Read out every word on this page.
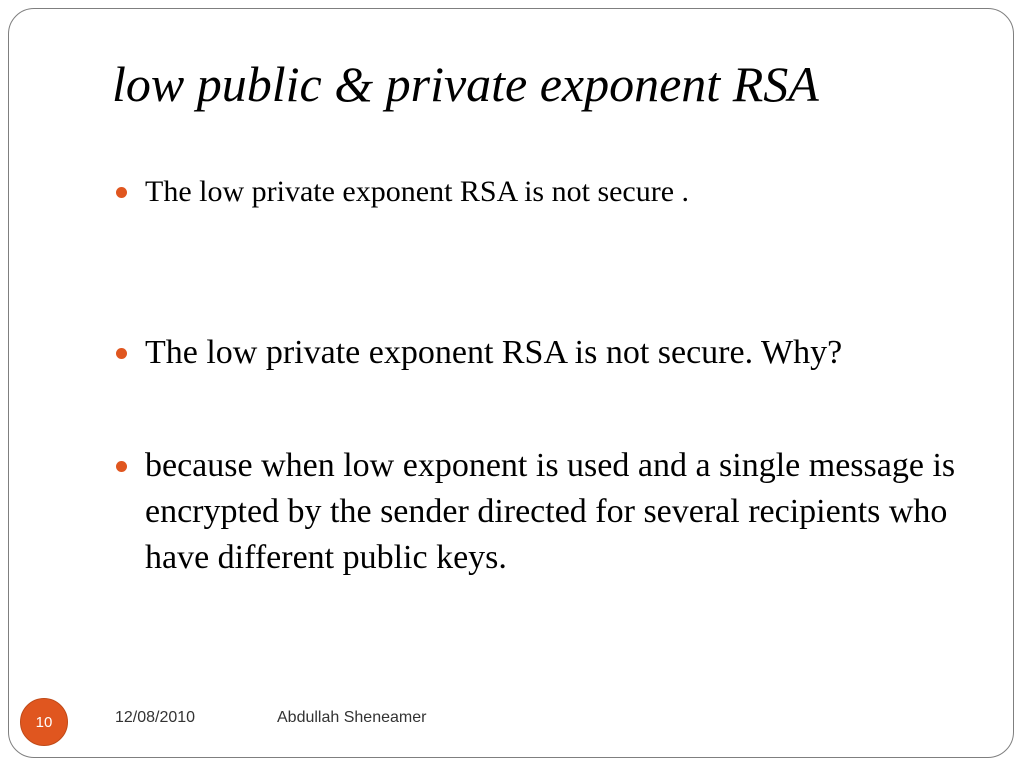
low public & private exponent RSA
The low private exponent RSA is not secure .
The low private exponent RSA is not secure. Why?
because when low exponent is used and a single message is encrypted by the sender directed for several recipients who have different public keys.
10	12/08/2010	Abdullah Sheneamer
